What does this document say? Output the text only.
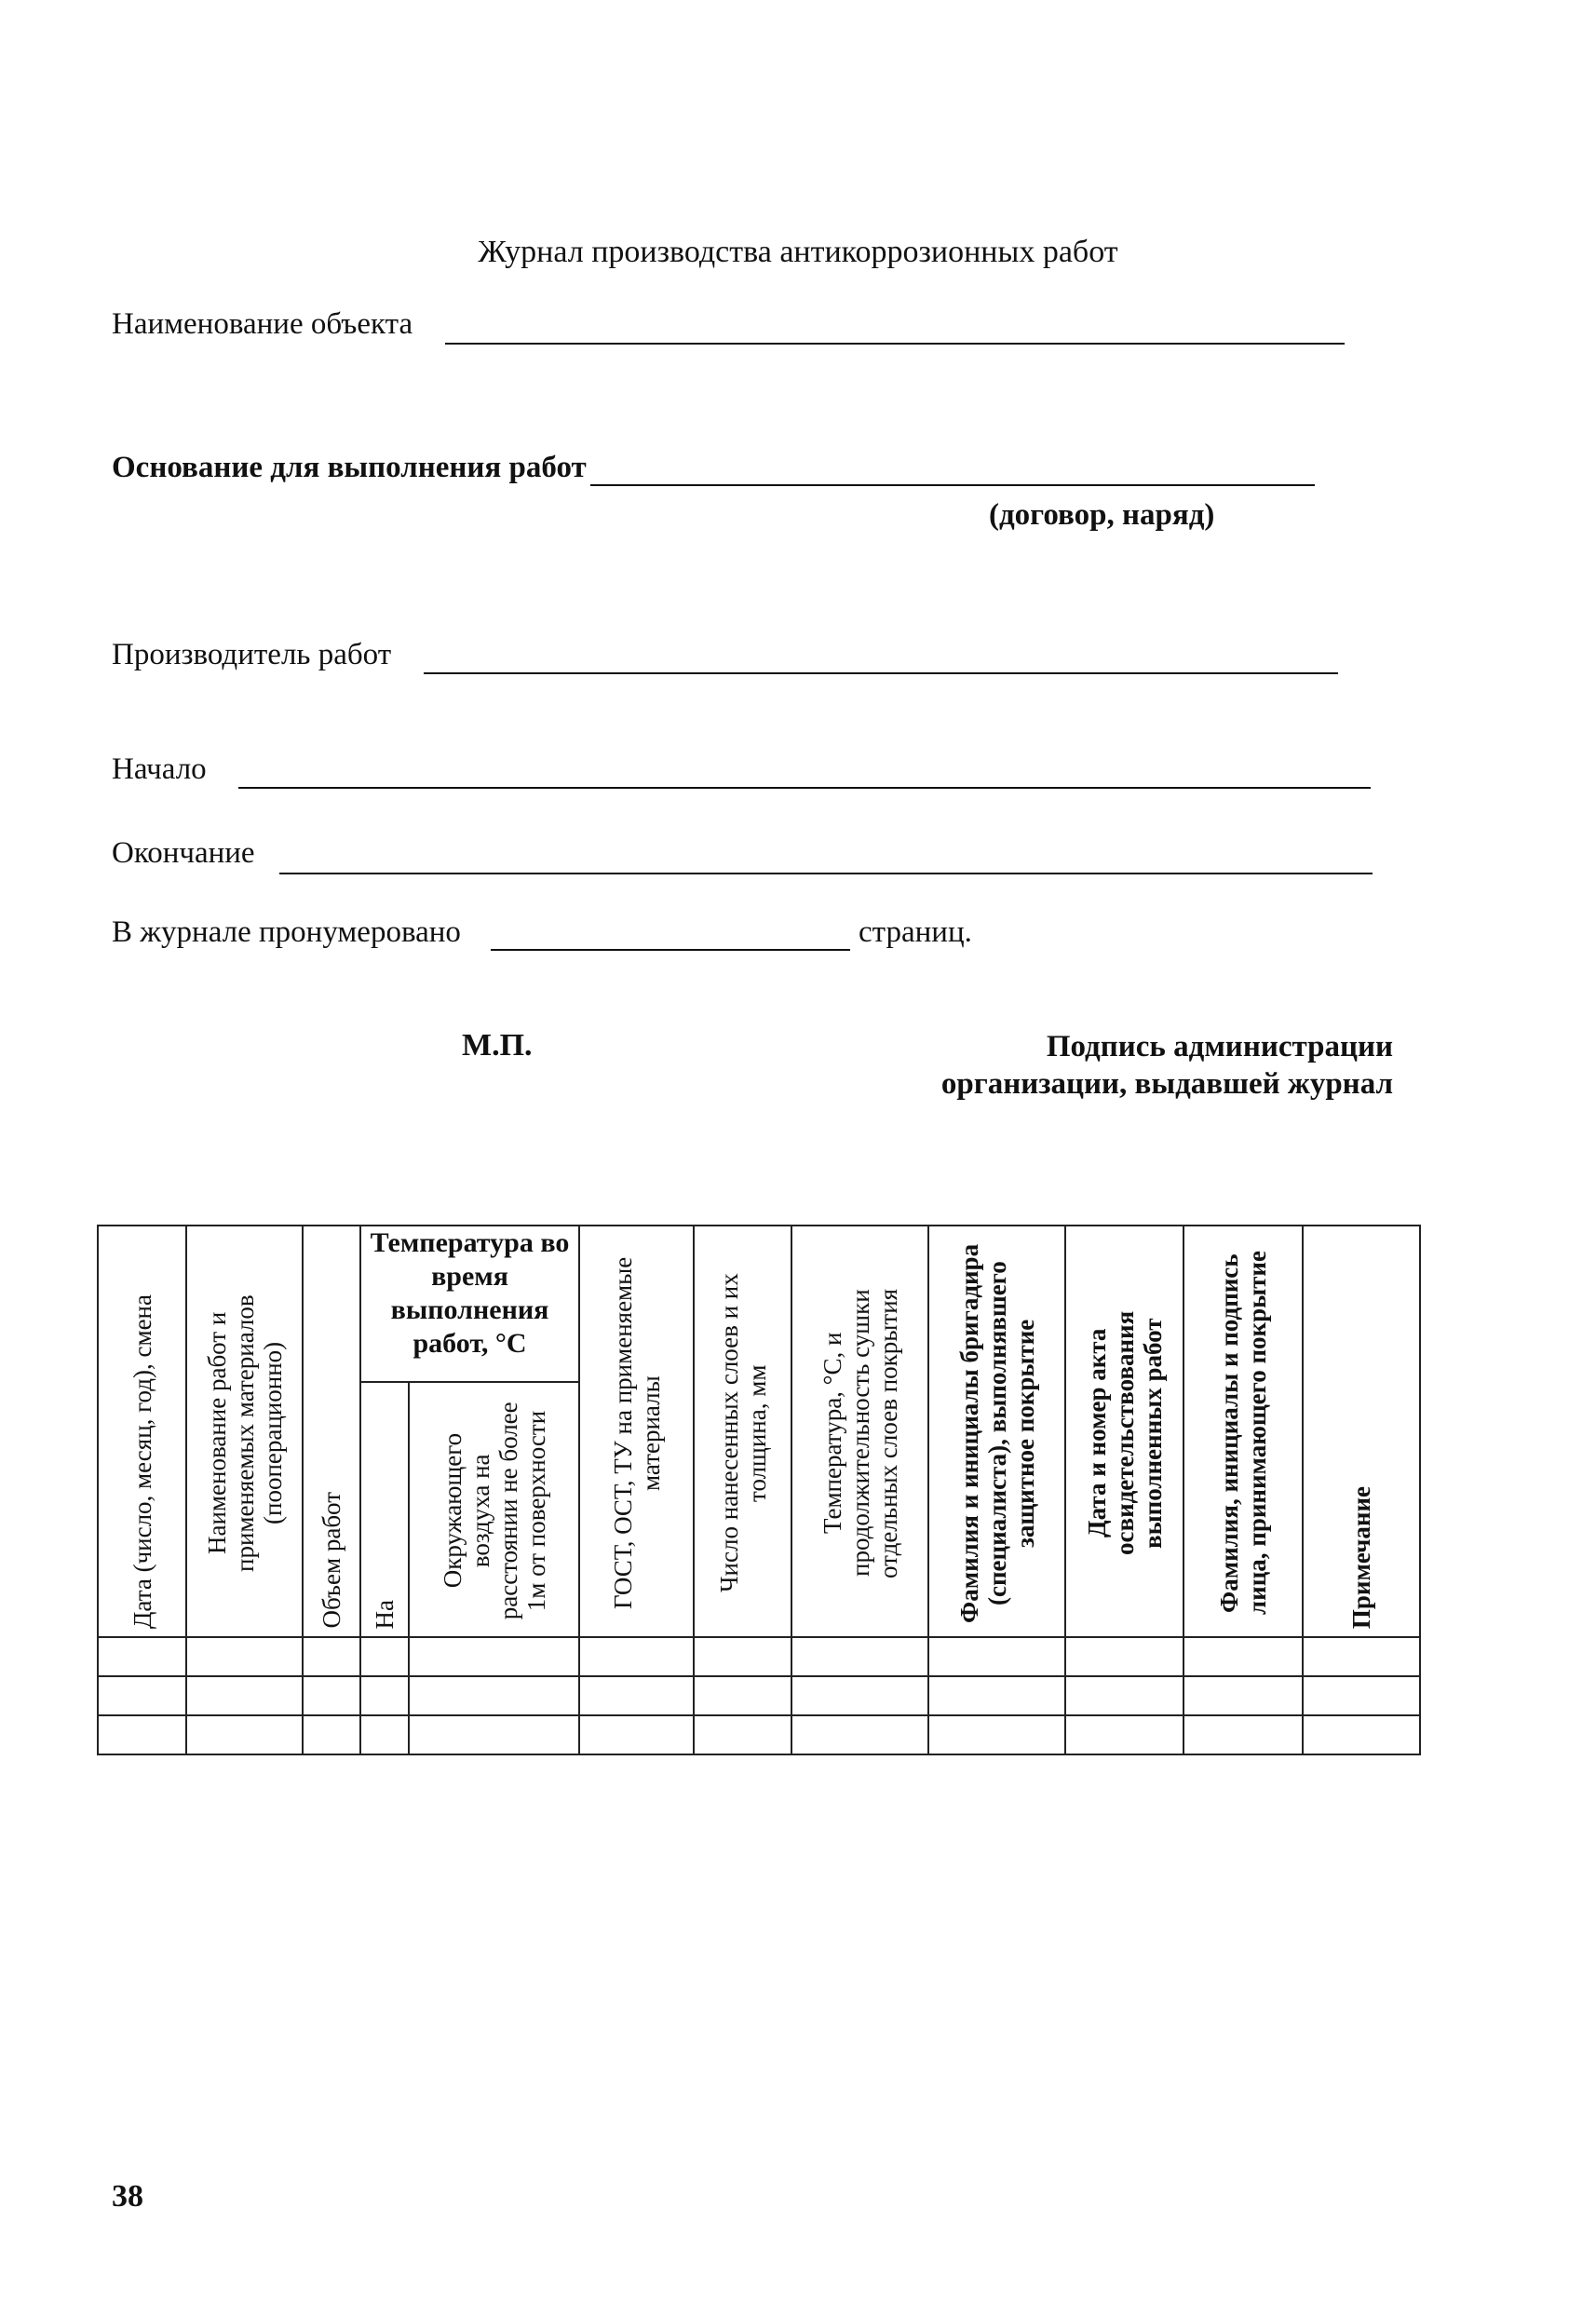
Журнал производства антикоррозионных работ
Наименование объекта
Основание для выполнения работ
(договор, наряд)
Производитель работ
Начало
Окончание
В журнале пронумеровано	страниц.
М.П.	Подпись администрации
организации, выдавшей журнал
Дата (число, месяц, год), смена	Наименование работ и применяемых материалов (пооперационно)	Объем работ	Температура во время выполнения работ, °С		ГОСТ, ОСТ, ТУ на применяемые материалы	Число нанесенных слоев и их толщина, мм	Температура, °С, и продолжительность сушки отдельных слоев покрытия	Фамилия и инициалы бригадира (специалиста), выполнявшего защитное покрытие	Дата и номер акта освидетельствования выполненных работ	Фамилия, инициалы и подпись лица, принимающего покрытие	Примечание

			На	Окружающего воздуха на расстоянии не более 1м от поверхности							

38
